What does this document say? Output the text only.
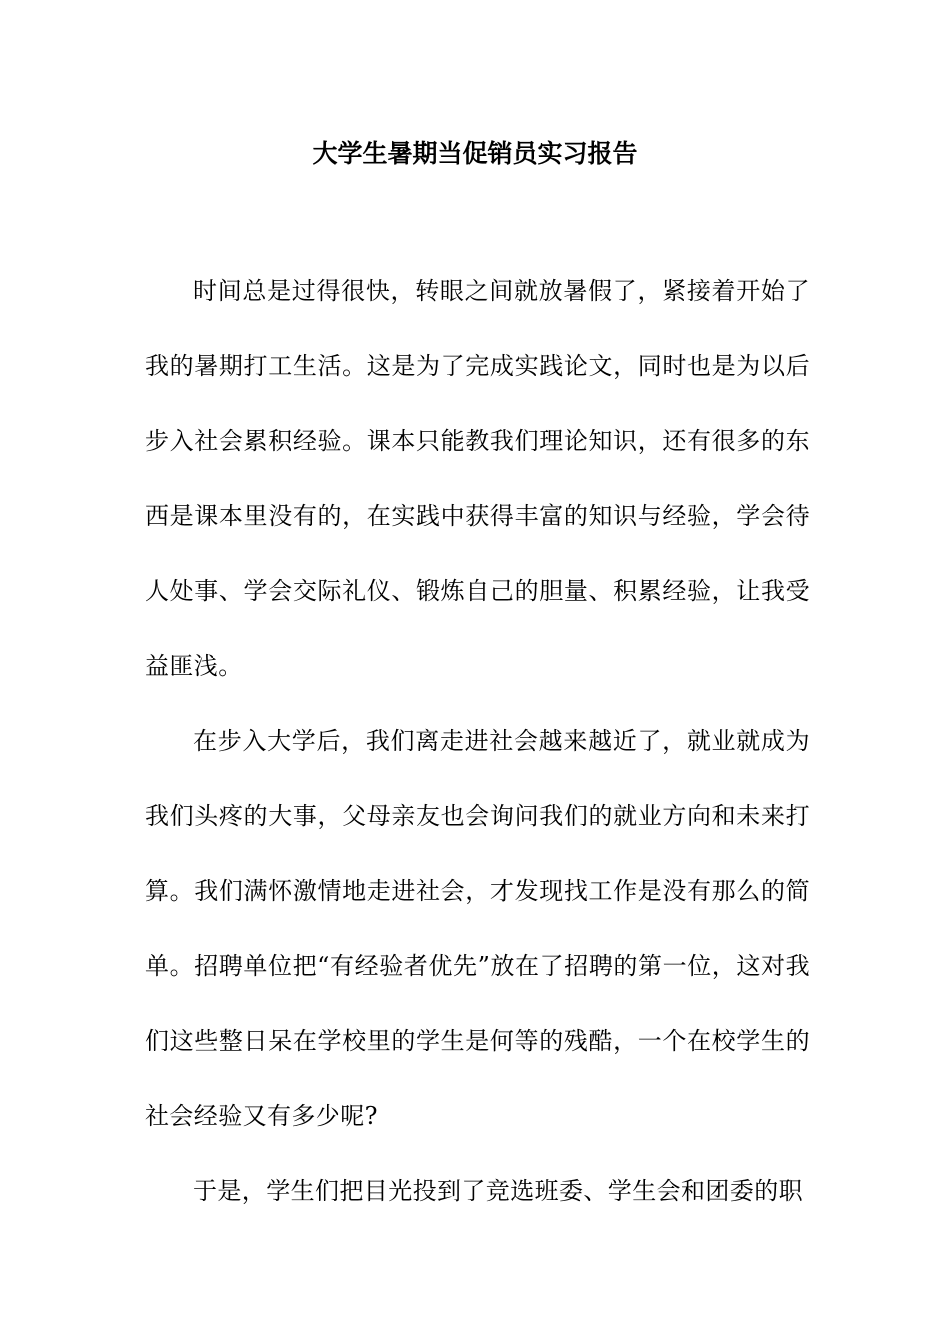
大学生暑期当促销员实习报告

时间总是过得很快，转眼之间就放暑假了，紧接着开始了我的暑期打工生活。这是为了完成实践论文，同时也是为以后步入社会累积经验。课本只能教我们理论知识，还有很多的东西是课本里没有的，在实践中获得丰富的知识与经验，学会待人处事、学会交际礼仪、锻炼自己的胆量、积累经验，让我受益匪浅。

在步入大学后，我们离走进社会越来越近了，就业就成为我们头疼的大事，父母亲友也会询问我们的就业方向和未来打算。我们满怀激情地走进社会，才发现找工作是没有那么的简单。招聘单位把“有经验者优先”放在了招聘的第一位，这对我们这些整日呆在学校里的学生是何等的残酷，一个在校学生的社会经验又有多少呢?

于是，学生们把目光投到了竞选班委、学生会和团委的职
